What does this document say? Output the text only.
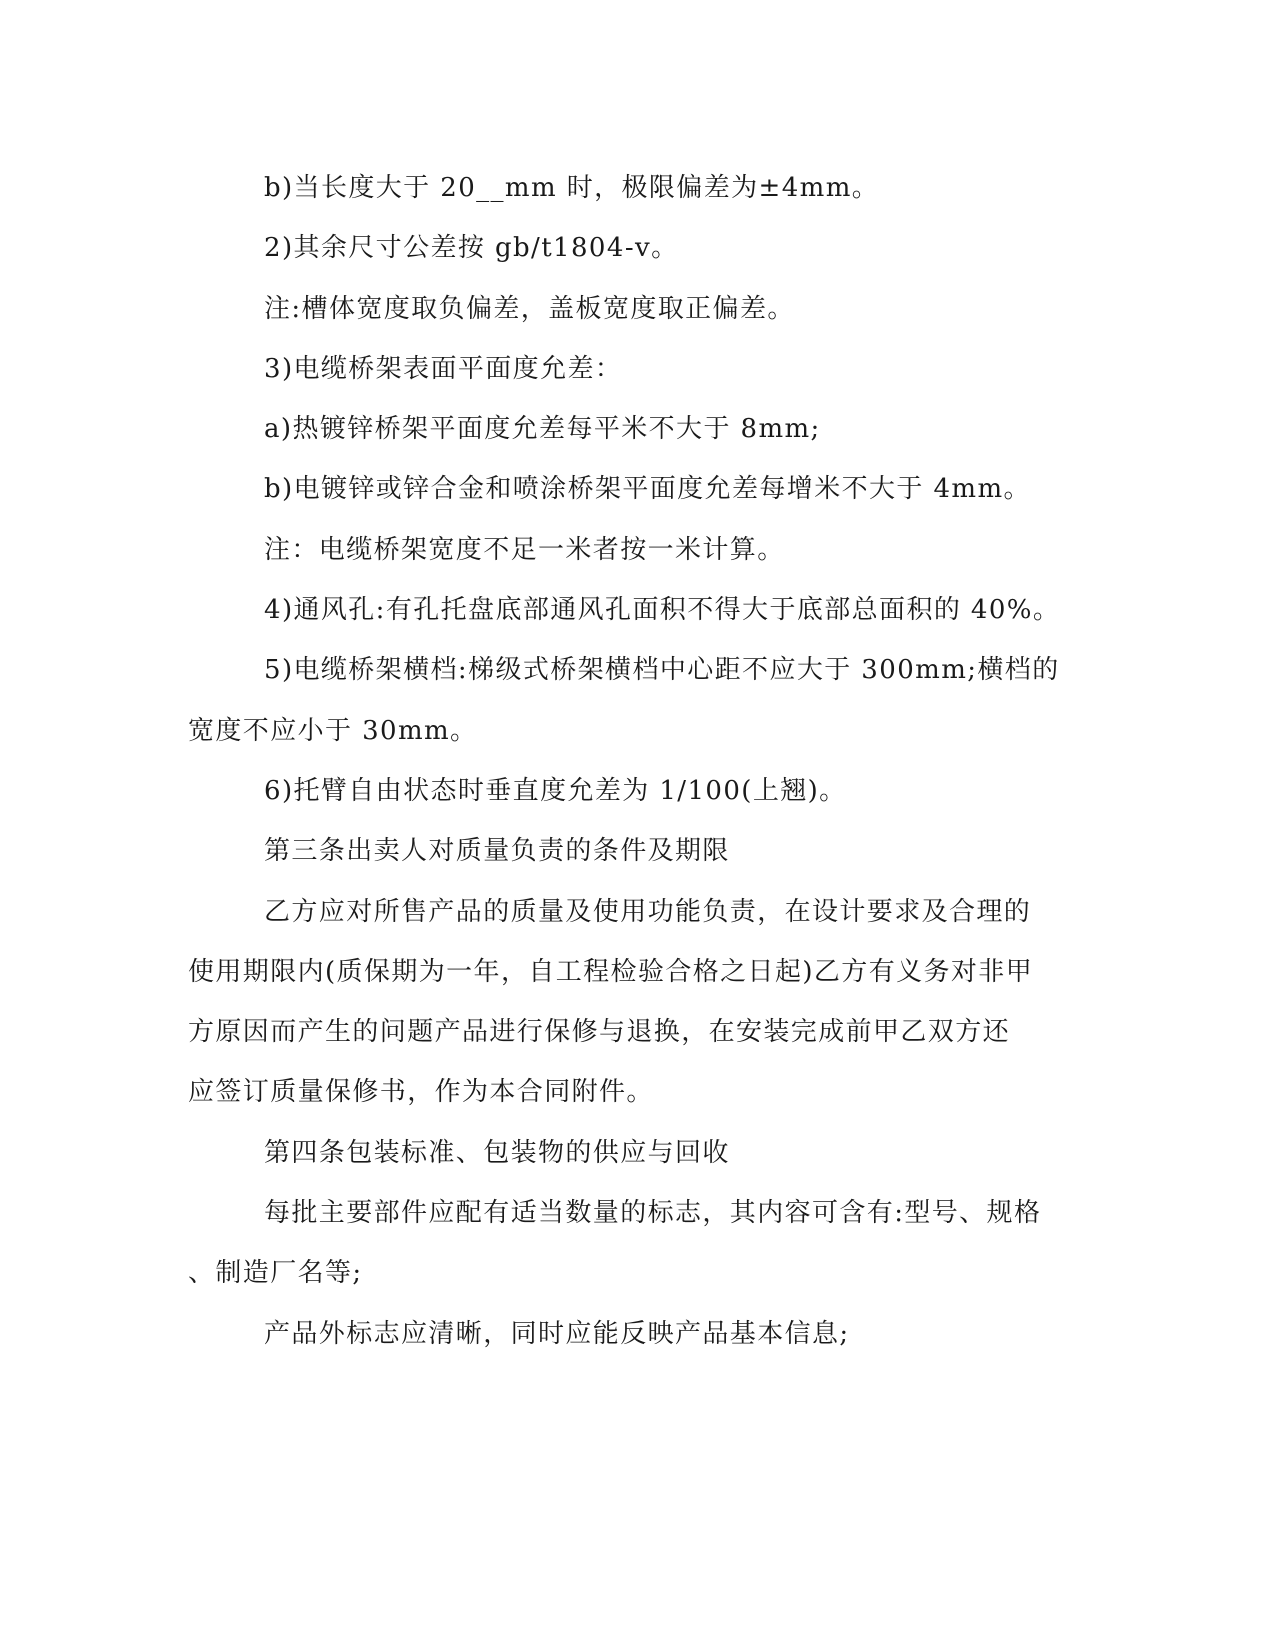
b)当长度大于 20__mm 时，极限偏差为±4mm。
2)其余尺寸公差按 gb/t1804-v。
注:槽体宽度取负偏差，盖板宽度取正偏差。
3)电缆桥架表面平面度允差：
a)热镀锌桥架平面度允差每平米不大于 8mm;
b)电镀锌或锌合金和喷涂桥架平面度允差每增米不大于 4mm。
注：电缆桥架宽度不足一米者按一米计算。
4)通风孔:有孔托盘底部通风孔面积不得大于底部总面积的 40%。
5)电缆桥架横档:梯级式桥架横档中心距不应大于 300mm;横档的
宽度不应小于 30mm。
6)托臂自由状态时垂直度允差为 1/100(上翘)。
第三条出卖人对质量负责的条件及期限
乙方应对所售产品的质量及使用功能负责，在设计要求及合理的
使用期限内(质保期为一年，自工程检验合格之日起)乙方有义务对非甲
方原因而产生的问题产品进行保修与退换，在安装完成前甲乙双方还
应签订质量保修书，作为本合同附件。
第四条包装标准、包装物的供应与回收
每批主要部件应配有适当数量的标志，其内容可含有:型号、规格
、制造厂名等;
产品外标志应清晰，同时应能反映产品基本信息;
